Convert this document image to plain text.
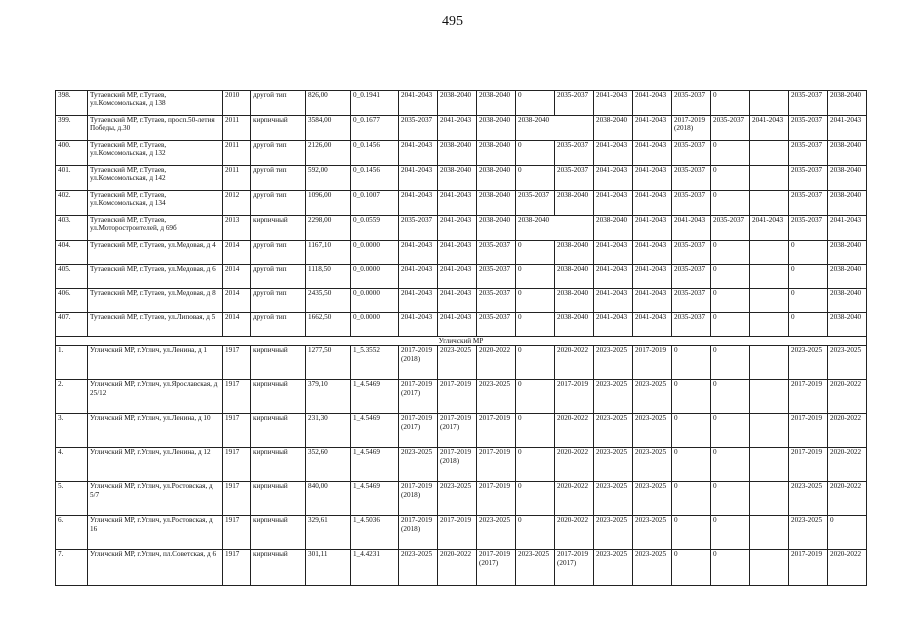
495
398.	Тутаевский МР, г.Тутаев, ул.Комсомольская, д 138	2010	другой тип	826,00	0_0.1941	2041-2043	2038-2040	2038-2040	0	2035-2037	2041-2043	2041-2043	2035-2037	0		2035-2037	2038-2040
399.	Тутаевский МР, г.Тутаев, просп.50-летия Победы, д.30	2011	кирпичный	3584,00	0_0.1677	2035-2037	2041-2043	2038-2040	2038-2040		2038-2040	2041-2043	2017-2019 (2018)	2035-2037	2041-2043	2035-2037	2041-2043
400.	Тутаевский МР, г.Тутаев, ул.Комсомольская, д 132	2011	другой тип	2126,00	0_0.1456	2041-2043	2038-2040	2038-2040	0	2035-2037	2041-2043	2041-2043	2035-2037	0		2035-2037	2038-2040
401.	Тутаевский МР, г.Тутаев, ул.Комсомольская, д 142	2011	другой тип	592,00	0_0.1456	2041-2043	2038-2040	2038-2040	0	2035-2037	2041-2043	2041-2043	2035-2037	0		2035-2037	2038-2040
402.	Тутаевский МР, г.Тутаев, ул.Комсомольская, д 134	2012	другой тип	1096,00	0_0.1007	2041-2043	2041-2043	2038-2040	2035-2037	2038-2040	2041-2043	2041-2043	2035-2037	0		2035-2037	2038-2040
403.	Тутаевский МР, г.Тутаев, ул.Моторостроителей, д 69б	2013	кирпичный	2298,00	0_0.0559	2035-2037	2041-2043	2038-2040	2038-2040		2038-2040	2041-2043	2041-2043	2035-2037	2041-2043	2035-2037	2041-2043
404.	Тутаевский МР, г.Тутаев, ул.Медовая, д 4	2014	другой тип	1167,10	0_0.0000	2041-2043	2041-2043	2035-2037	0	2038-2040	2041-2043	2041-2043	2035-2037	0		0	2038-2040
405.	Тутаевский МР, г.Тутаев, ул.Медовая, д 6	2014	другой тип	1118,50	0_0.0000	2041-2043	2041-2043	2035-2037	0	2038-2040	2041-2043	2041-2043	2035-2037	0		0	2038-2040
406.	Тутаевский МР, г.Тутаев, ул.Медовая, д 8	2014	другой тип	2435,50	0_0.0000	2041-2043	2041-2043	2035-2037	0	2038-2040	2041-2043	2041-2043	2035-2037	0		0	2038-2040
407.	Тутаевский МР, г.Тутаев, ул.Липовая, д 5	2014	другой тип	1662,50	0_0.0000	2041-2043	2041-2043	2035-2037	0	2038-2040	2041-2043	2041-2043	2035-2037	0		0	2038-2040
Угличский МР																	
1.	Угличский МР, г.Углич, ул.Ленина, д 1	1917	кирпичный	1277,50	1_5.3552	2017-2019 (2018)	2023-2025	2020-2022	0	2020-2022	2023-2025	2017-2019	0	0		2023-2025	2023-2025
2.	Угличский МР, г.Углич, ул.Ярославская, д 25/12	1917	кирпичный	379,10	1_4.5469	2017-2019 (2017)	2017-2019	2023-2025	0	2017-2019	2023-2025	2023-2025	0	0		2017-2019	2020-2022
3.	Угличский МР, г.Углич, ул.Ленина, д 10	1917	кирпичный	231,30	1_4.5469	2017-2019 (2017)	2017-2019 (2017)	2017-2019	0	2020-2022	2023-2025	2023-2025	0	0		2017-2019	2020-2022
4.	Угличский МР, г.Углич, ул.Ленина, д 12	1917	кирпичный	352,60	1_4.5469	2023-2025	2017-2019 (2018)	2017-2019	0	2020-2022	2023-2025	2023-2025	0	0		2017-2019	2020-2022
5.	Угличский МР, г.Углич, ул.Ростовская, д 5/7	1917	кирпичный	840,00	1_4.5469	2017-2019 (2018)	2023-2025	2017-2019	0	2020-2022	2023-2025	2023-2025	0	0		2023-2025	2020-2022
6.	Угличский МР, г.Углич, ул.Ростовская, д 16	1917	кирпичный	329,61	1_4.5036	2017-2019 (2018)	2017-2019	2023-2025	0	2020-2022	2023-2025	2023-2025	0	0		2023-2025	0
7.	Угличский МР, г.Углич, пл.Советская, д 6	1917	кирпичный	301,11	1_4.4231	2023-2025	2020-2022	2017-2019 (2017)	2023-2025	2017-2019 (2017)	2023-2025	2023-2025	0	0		2017-2019	2020-2022
